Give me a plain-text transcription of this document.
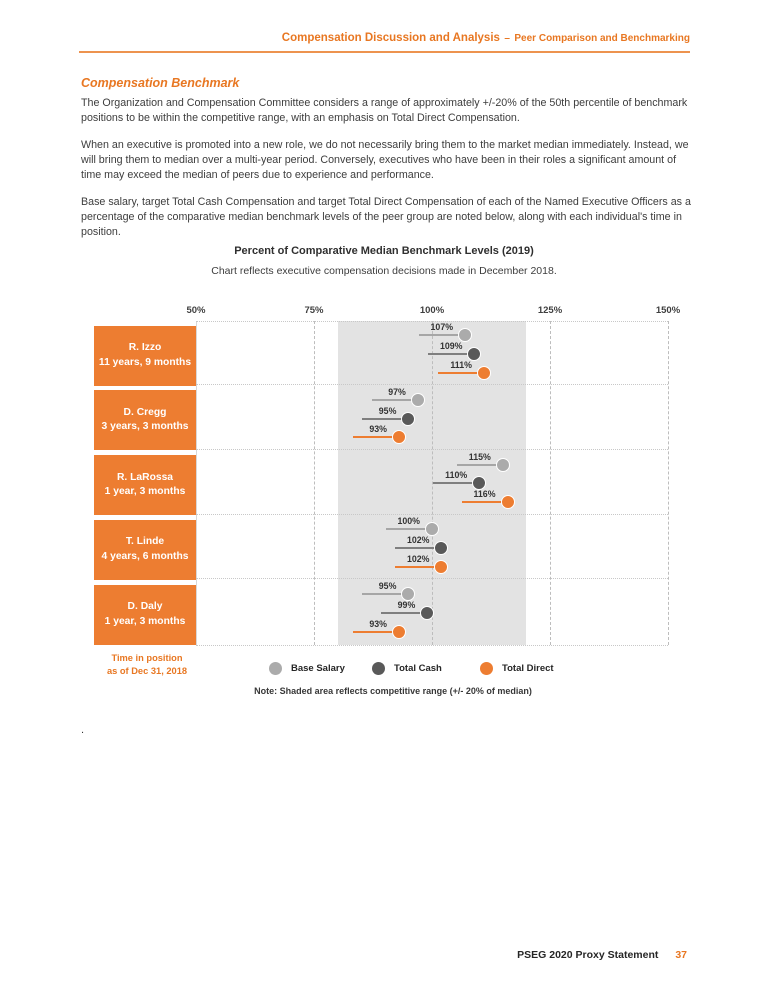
Compensation Discussion and Analysis – Peer Comparison and Benchmarking
Compensation Benchmark
The Organization and Compensation Committee considers a range of approximately +/-20% of the 50th percentile of benchmark positions to be within the competitive range, with an emphasis on Total Direct Compensation.
When an executive is promoted into a new role, we do not necessarily bring them to the market median immediately. Instead, we will bring them to median over a multi-year period. Conversely, executives who have been in their roles a significant amount of time may exceed the median of peers due to experience and performance.
Base salary, target Total Cash Compensation and target Total Direct Compensation of each of the Named Executive Officers as a percentage of the comparative median benchmark levels of the peer group are noted below, along with each individual's time in position.
Percent of Comparative Median Benchmark Levels (2019)
Chart reflects executive compensation decisions made in December 2018.
50%	75%	100%	125%	150%
R. Izzo
11 years, 9 months
107%
109%
111%
D. Cregg
3 years, 3 months
97%
95%
93%
R. LaRossa
1 year, 3 months
115%
110%
116%
T. Linde
4 years, 6 months
100%
102%
102%
D. Daly
1 year, 3 months
95%
99%
93%
Time in position
as of Dec 31, 2018	Base Salary	Total Cash	Total Direct
Note: Shaded area reflects competitive range (+/- 20% of median)
.
PSEG 2020 Proxy Statement 37
